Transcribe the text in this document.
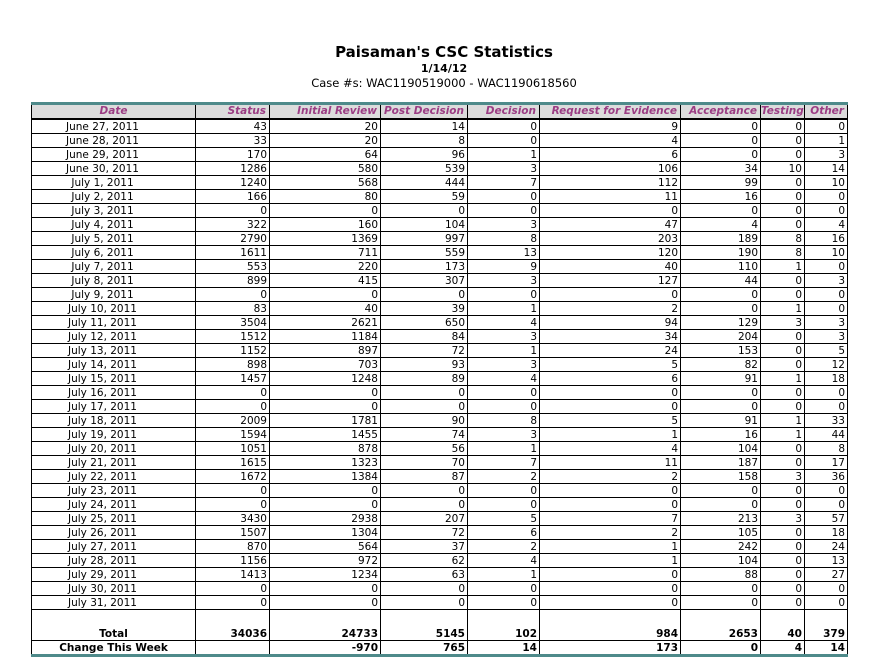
Paisaman's CSC Statistics
1/14/12
Case #s: WAC1190519000 - WAC1190618560
Date	Status	Initial Review	Post Decision	Decision	Request for Evidence	Acceptance	Testing	Other
June 27, 2011	43	20	14	0	9	0	0	0
June 28, 2011	33	20	8	0	4	0	0	1
June 29, 2011	170	64	96	1	6	0	0	3
June 30, 2011	1286	580	539	3	106	34	10	14
July 1, 2011	1240	568	444	7	112	99	0	10
July 2, 2011	166	80	59	0	11	16	0	0
July 3, 2011	0	0	0	0	0	0	0	0
July 4, 2011	322	160	104	3	47	4	0	4
July 5, 2011	2790	1369	997	8	203	189	8	16
July 6, 2011	1611	711	559	13	120	190	8	10
July 7, 2011	553	220	173	9	40	110	1	0
July 8, 2011	899	415	307	3	127	44	0	3
July 9, 2011	0	0	0	0	0	0	0	0
July 10, 2011	83	40	39	1	2	0	1	0
July 11, 2011	3504	2621	650	4	94	129	3	3
July 12, 2011	1512	1184	84	3	34	204	0	3
July 13, 2011	1152	897	72	1	24	153	0	5
July 14, 2011	898	703	93	3	5	82	0	12
July 15, 2011	1457	1248	89	4	6	91	1	18
July 16, 2011	0	0	0	0	0	0	0	0
July 17, 2011	0	0	0	0	0	0	0	0
July 18, 2011	2009	1781	90	8	5	91	1	33
July 19, 2011	1594	1455	74	3	1	16	1	44
July 20, 2011	1051	878	56	1	4	104	0	8
July 21, 2011	1615	1323	70	7	11	187	0	17
July 22, 2011	1672	1384	87	2	2	158	3	36
July 23, 2011	0	0	0	0	0	0	0	0
July 24, 2011	0	0	0	0	0	0	0	0
July 25, 2011	3430	2938	207	5	7	213	3	57
July 26, 2011	1507	1304	72	6	2	105	0	18
July 27, 2011	870	564	37	2	1	242	0	24
July 28, 2011	1156	972	62	4	1	104	0	13
July 29, 2011	1413	1234	63	1	0	88	0	27
July 30, 2011	0	0	0	0	0	0	0	0
July 31, 2011	0	0	0	0	0	0	0	0

Total	34036	24733	5145	102	984	2653	40	379
Change This Week		-970	765	14	173	0	4	14
